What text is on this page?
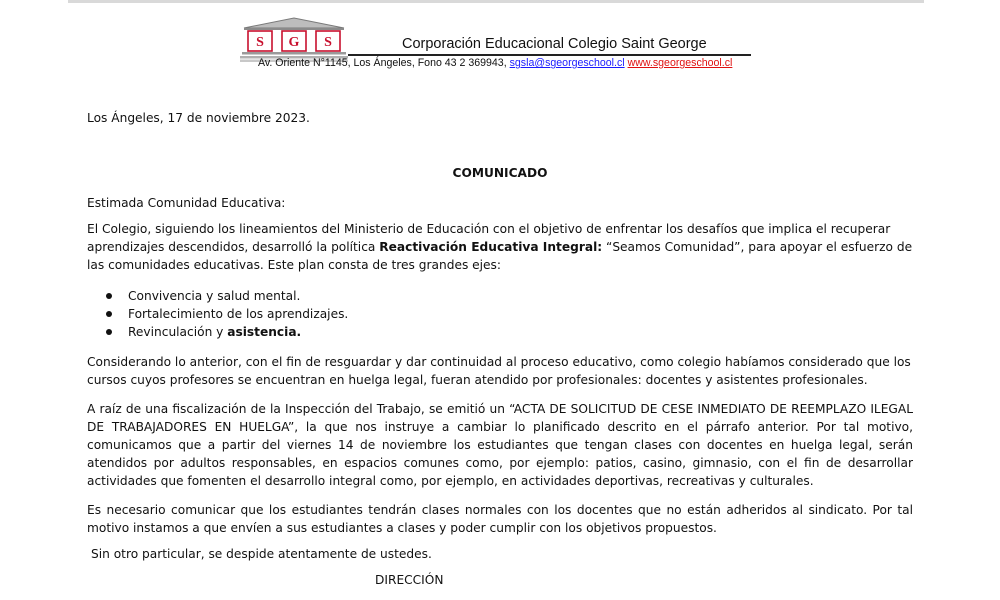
S G S	Corporación Educacional Colegio Saint George
Av. Oriente N°1145, Los Ángeles, Fono 43 2 369943, sgsla@sgeorgeschool.cl www.sgeorgeschool.cl
Los Ángeles, 17 de noviembre 2023.
COMUNICADO

Estimada Comunidad Educativa:

El Colegio, siguiendo los lineamientos del Ministerio de Educación con el objetivo de enfrentar los desafíos que implica el recuperar aprendizajes descendidos, desarrolló la política Reactivación Educativa Integral: “Seamos Comunidad”, para apoyar el esfuerzo de las comunidades educativas. Este plan consta de tres grandes ejes:

Convivencia y salud mental.
Fortalecimiento de los aprendizajes.
Revinculación y asistencia.

Considerando lo anterior, con el fin de resguardar y dar continuidad al proceso educativo, como colegio habíamos considerado que los cursos cuyos profesores se encuentran en huelga legal, fueran atendido por profesionales: docentes y asistentes profesionales.

A raíz de una fiscalización de la Inspección del Trabajo, se emitió un “ACTA DE SOLICITUD DE CESE INMEDIATO DE REEMPLAZO ILEGAL DE TRABAJADORES EN HUELGA”, la que nos instruye a cambiar lo planificado descrito en el párrafo anterior. Por tal motivo, comunicamos que a partir del viernes 14 de noviembre los estudiantes que tengan clases con docentes en huelga legal, serán atendidos por adultos responsables, en espacios comunes como, por ejemplo: patios, casino, gimnasio, con el fin de desarrollar actividades que fomenten el desarrollo integral como, por ejemplo, en actividades deportivas, recreativas y culturales.

Es necesario comunicar que los estudiantes tendrán clases normales con los docentes que no están adheridos al sindicato. Por tal motivo instamos a que envíen a sus estudiantes a clases y poder cumplir con los objetivos propuestos.

Sin otro particular, se despide atentamente de ustedes.
DIRECCIÓN
